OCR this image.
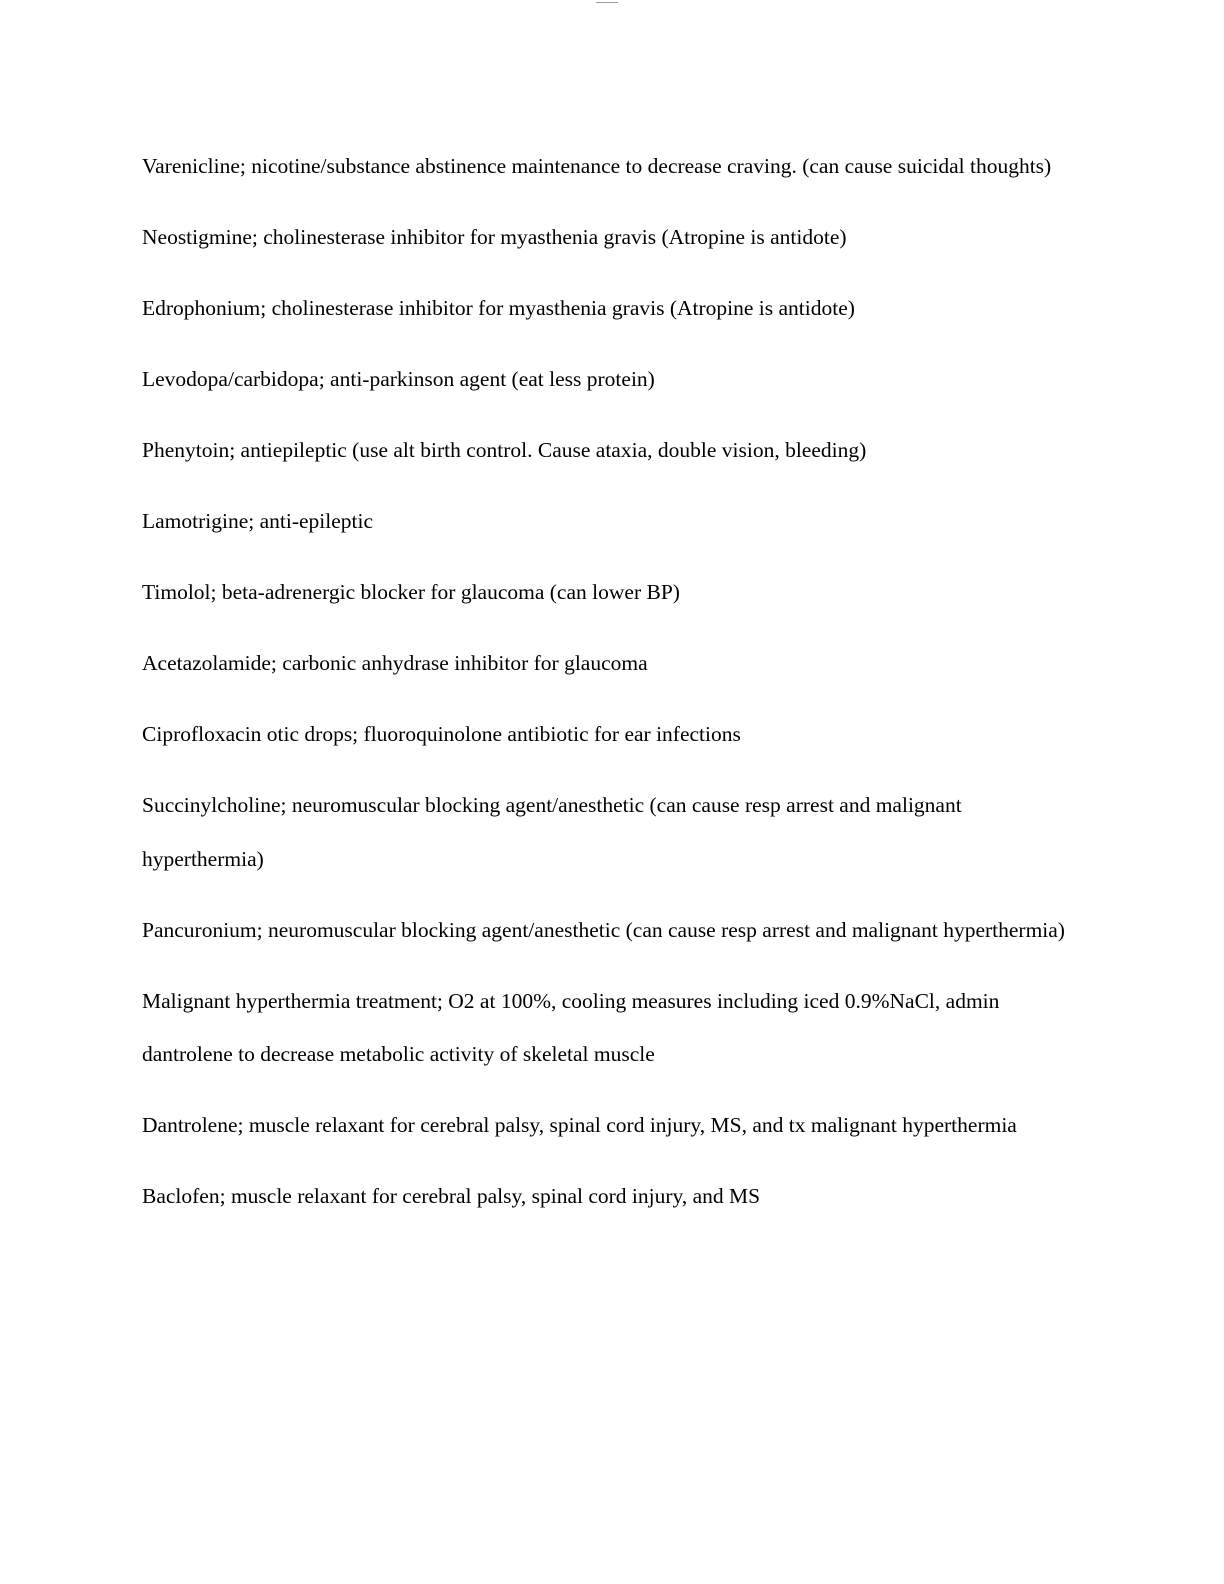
Varenicline; nicotine/substance abstinence maintenance to decrease craving. (can cause suicidal thoughts)

Neostigmine; cholinesterase inhibitor for myasthenia gravis (Atropine is antidote)

Edrophonium; cholinesterase inhibitor for myasthenia gravis (Atropine is antidote)

Levodopa/carbidopa; anti-parkinson agent (eat less protein)

Phenytoin; antiepileptic (use alt birth control. Cause ataxia, double vision, bleeding)

Lamotrigine; anti-epileptic

Timolol; beta-adrenergic blocker for glaucoma (can lower BP)

Acetazolamide; carbonic anhydrase inhibitor for glaucoma

Ciprofloxacin otic drops; fluoroquinolone antibiotic for ear infections

Succinylcholine; neuromuscular blocking agent/anesthetic (can cause resp arrest and malignant hyperthermia)

Pancuronium; neuromuscular blocking agent/anesthetic (can cause resp arrest and malignant hyperthermia)

Malignant hyperthermia treatment; O2 at 100%, cooling measures including iced 0.9%NaCl, admin dantrolene to decrease metabolic activity of skeletal muscle

Dantrolene; muscle relaxant for cerebral palsy, spinal cord injury, MS, and tx malignant hyperthermia

Baclofen; muscle relaxant for cerebral palsy, spinal cord injury, and MS
